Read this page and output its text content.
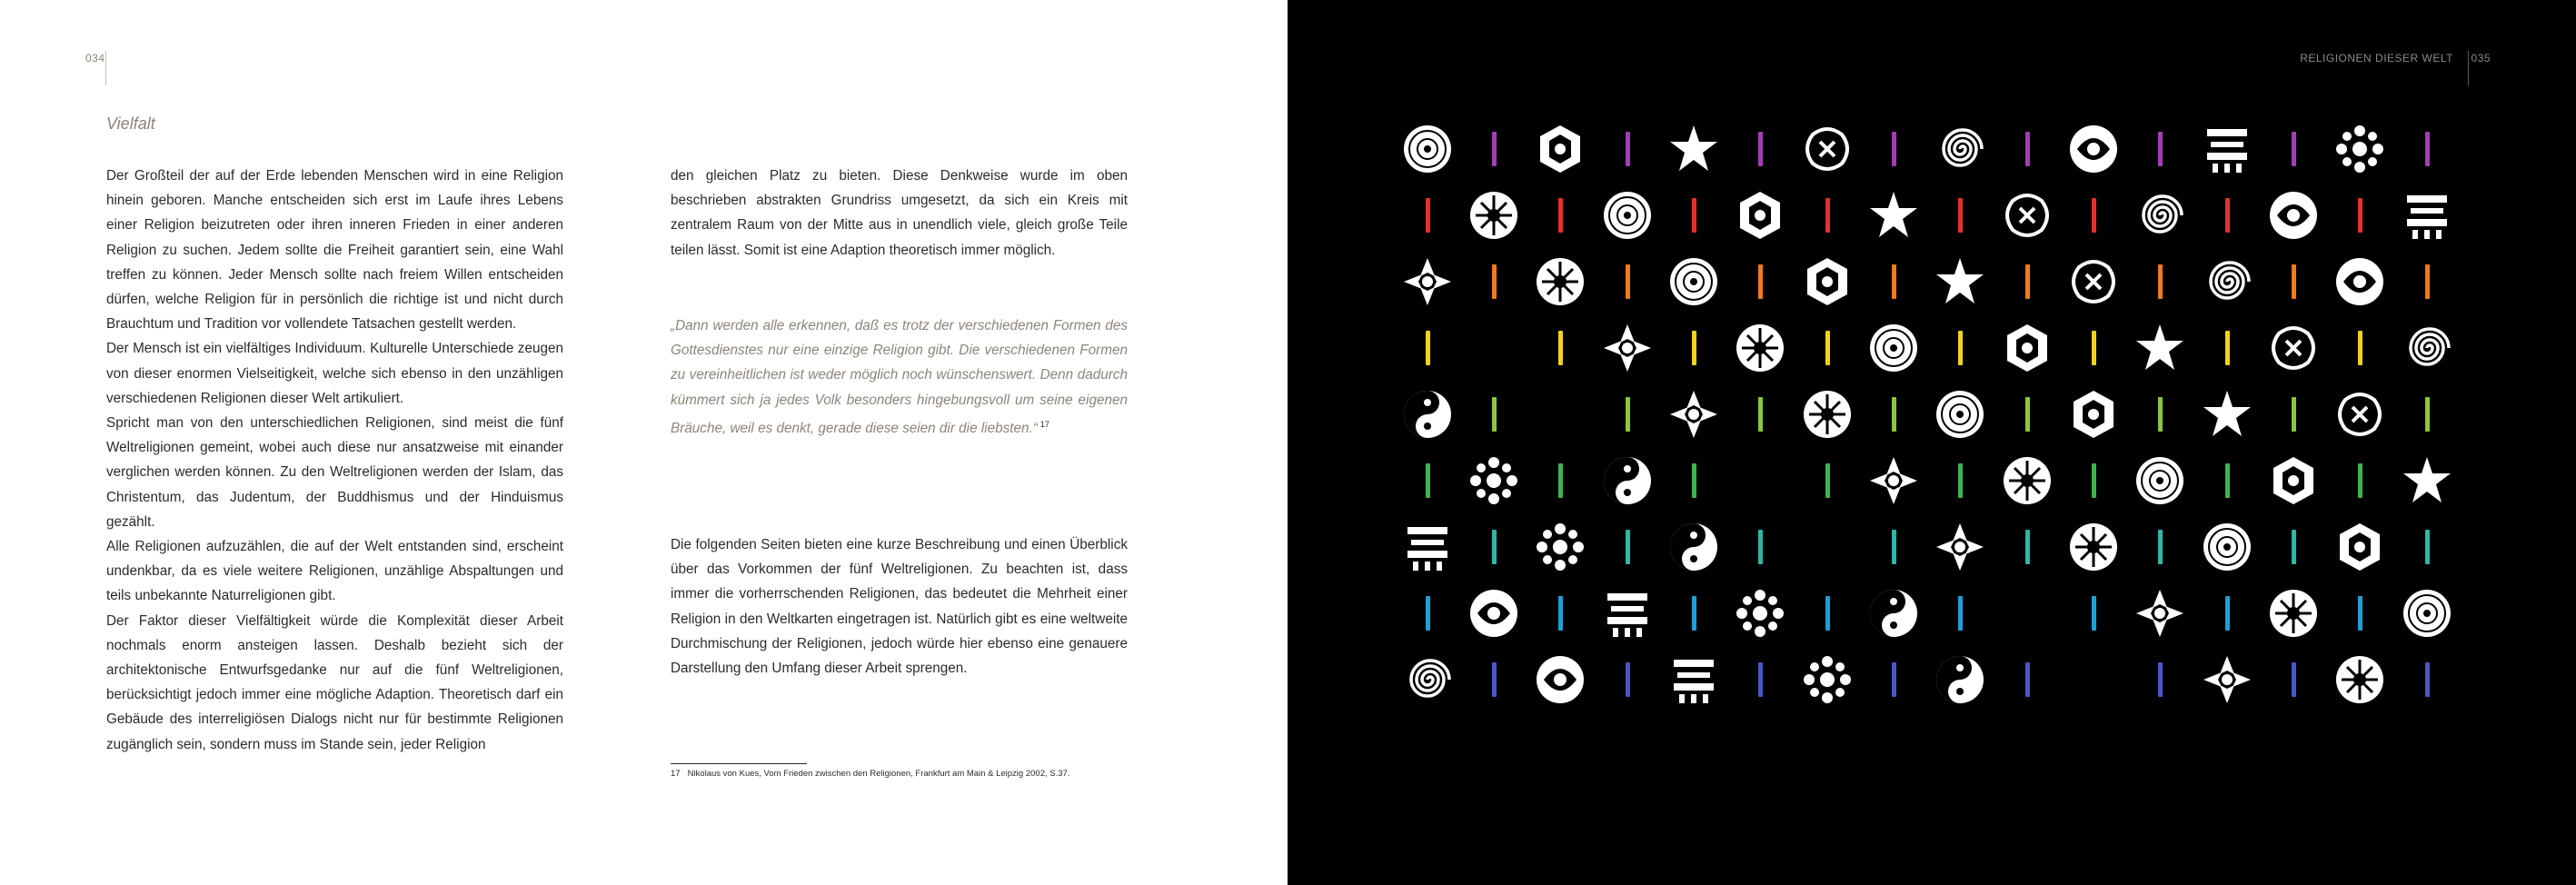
034
Vielfalt

Der Großteil der auf der Erde lebenden Menschen wird in eine Religion hinein geboren. Manche entscheiden sich erst im Laufe ihres Lebens einer Religion beizutreten oder ihren inneren Frieden in einer anderen Religion zu suchen. Jedem sollte die Freiheit garantiert sein, eine Wahl treffen zu können. Jeder Mensch sollte nach freiem Willen entscheiden dürfen, welche Religion für in persönlich die richtige ist und nicht durch Brauchtum und Tradition vor vollendete Tatsachen gestellt werden.

Der Mensch ist ein vielfältiges Individuum. Kulturelle Unterschiede zeugen von dieser enormen Vielseitigkeit, welche sich ebenso in den unzähligen verschiedenen Religionen dieser Welt artikuliert.

Spricht man von den unterschiedlichen Religionen, sind meist die fünf Weltreligionen gemeint, wobei auch diese nur ansatzweise mit einander verglichen werden können. Zu den Weltreligionen werden der Islam, das Christentum, das Judentum, der Buddhismus und der Hinduismus gezählt.

Alle Religionen aufzuzählen, die auf der Welt entstanden sind, erscheint undenkbar, da es viele weitere Religionen, unzählige Abspaltungen und teils unbekannte Naturreligionen gibt.

Der Faktor dieser Vielfältigkeit würde die Komplexität dieser Arbeit nochmals enorm ansteigen lassen. Deshalb bezieht sich der architektonische Entwurfsgedanke nur auf die fünf Weltreligionen, berücksichtigt jedoch immer eine mögliche Adaption. Theoretisch darf ein Gebäude des interreligiösen Dialogs nicht nur für bestimmte Religionen zugänglich sein, sondern muss im Stande sein, jeder Religion

den gleichen Platz zu bieten. Diese Denkweise wurde im oben beschrieben abstrakten Grundriss umgesetzt, da sich ein Kreis mit zentralem Raum von der Mitte aus in unendlich viele, gleich große Teile teilen lässt. Somit ist eine Adaption theoretisch immer möglich.

„Dann werden alle erkennen, daß es trotz der verschiedenen Formen des Gottesdienstes nur eine einzige Religion gibt. Die verschiedenen Formen zu vereinheitlichen ist weder möglich noch wünschenswert. Denn dadurch kümmert sich ja jedes Volk besonders hingebungsvoll um seine eigenen Bräuche, weil es denkt, gerade diese seien dir die liebsten.“ $^{17}$

Die folgenden Seiten bieten eine kurze Beschreibung und einen Überblick über das Vorkommen der fünf Weltreligionen. Zu beachten ist, dass immer die vorherrschenden Religionen, das bedeutet die Mehrheit einer Religion in den Weltkarten eingetragen ist. Natürlich gibt es eine weltweite Durchmischung der Religionen, jedoch würde hier ebenso eine genauere Darstellung den Umfang dieser Arbeit sprengen.

17 Nikolaus von Kues, Vom Frieden zwischen den Religionen, Frankfurt am Main & Leipzig 2002, S.37.
RELIGIONEN DIESER WELT 035
